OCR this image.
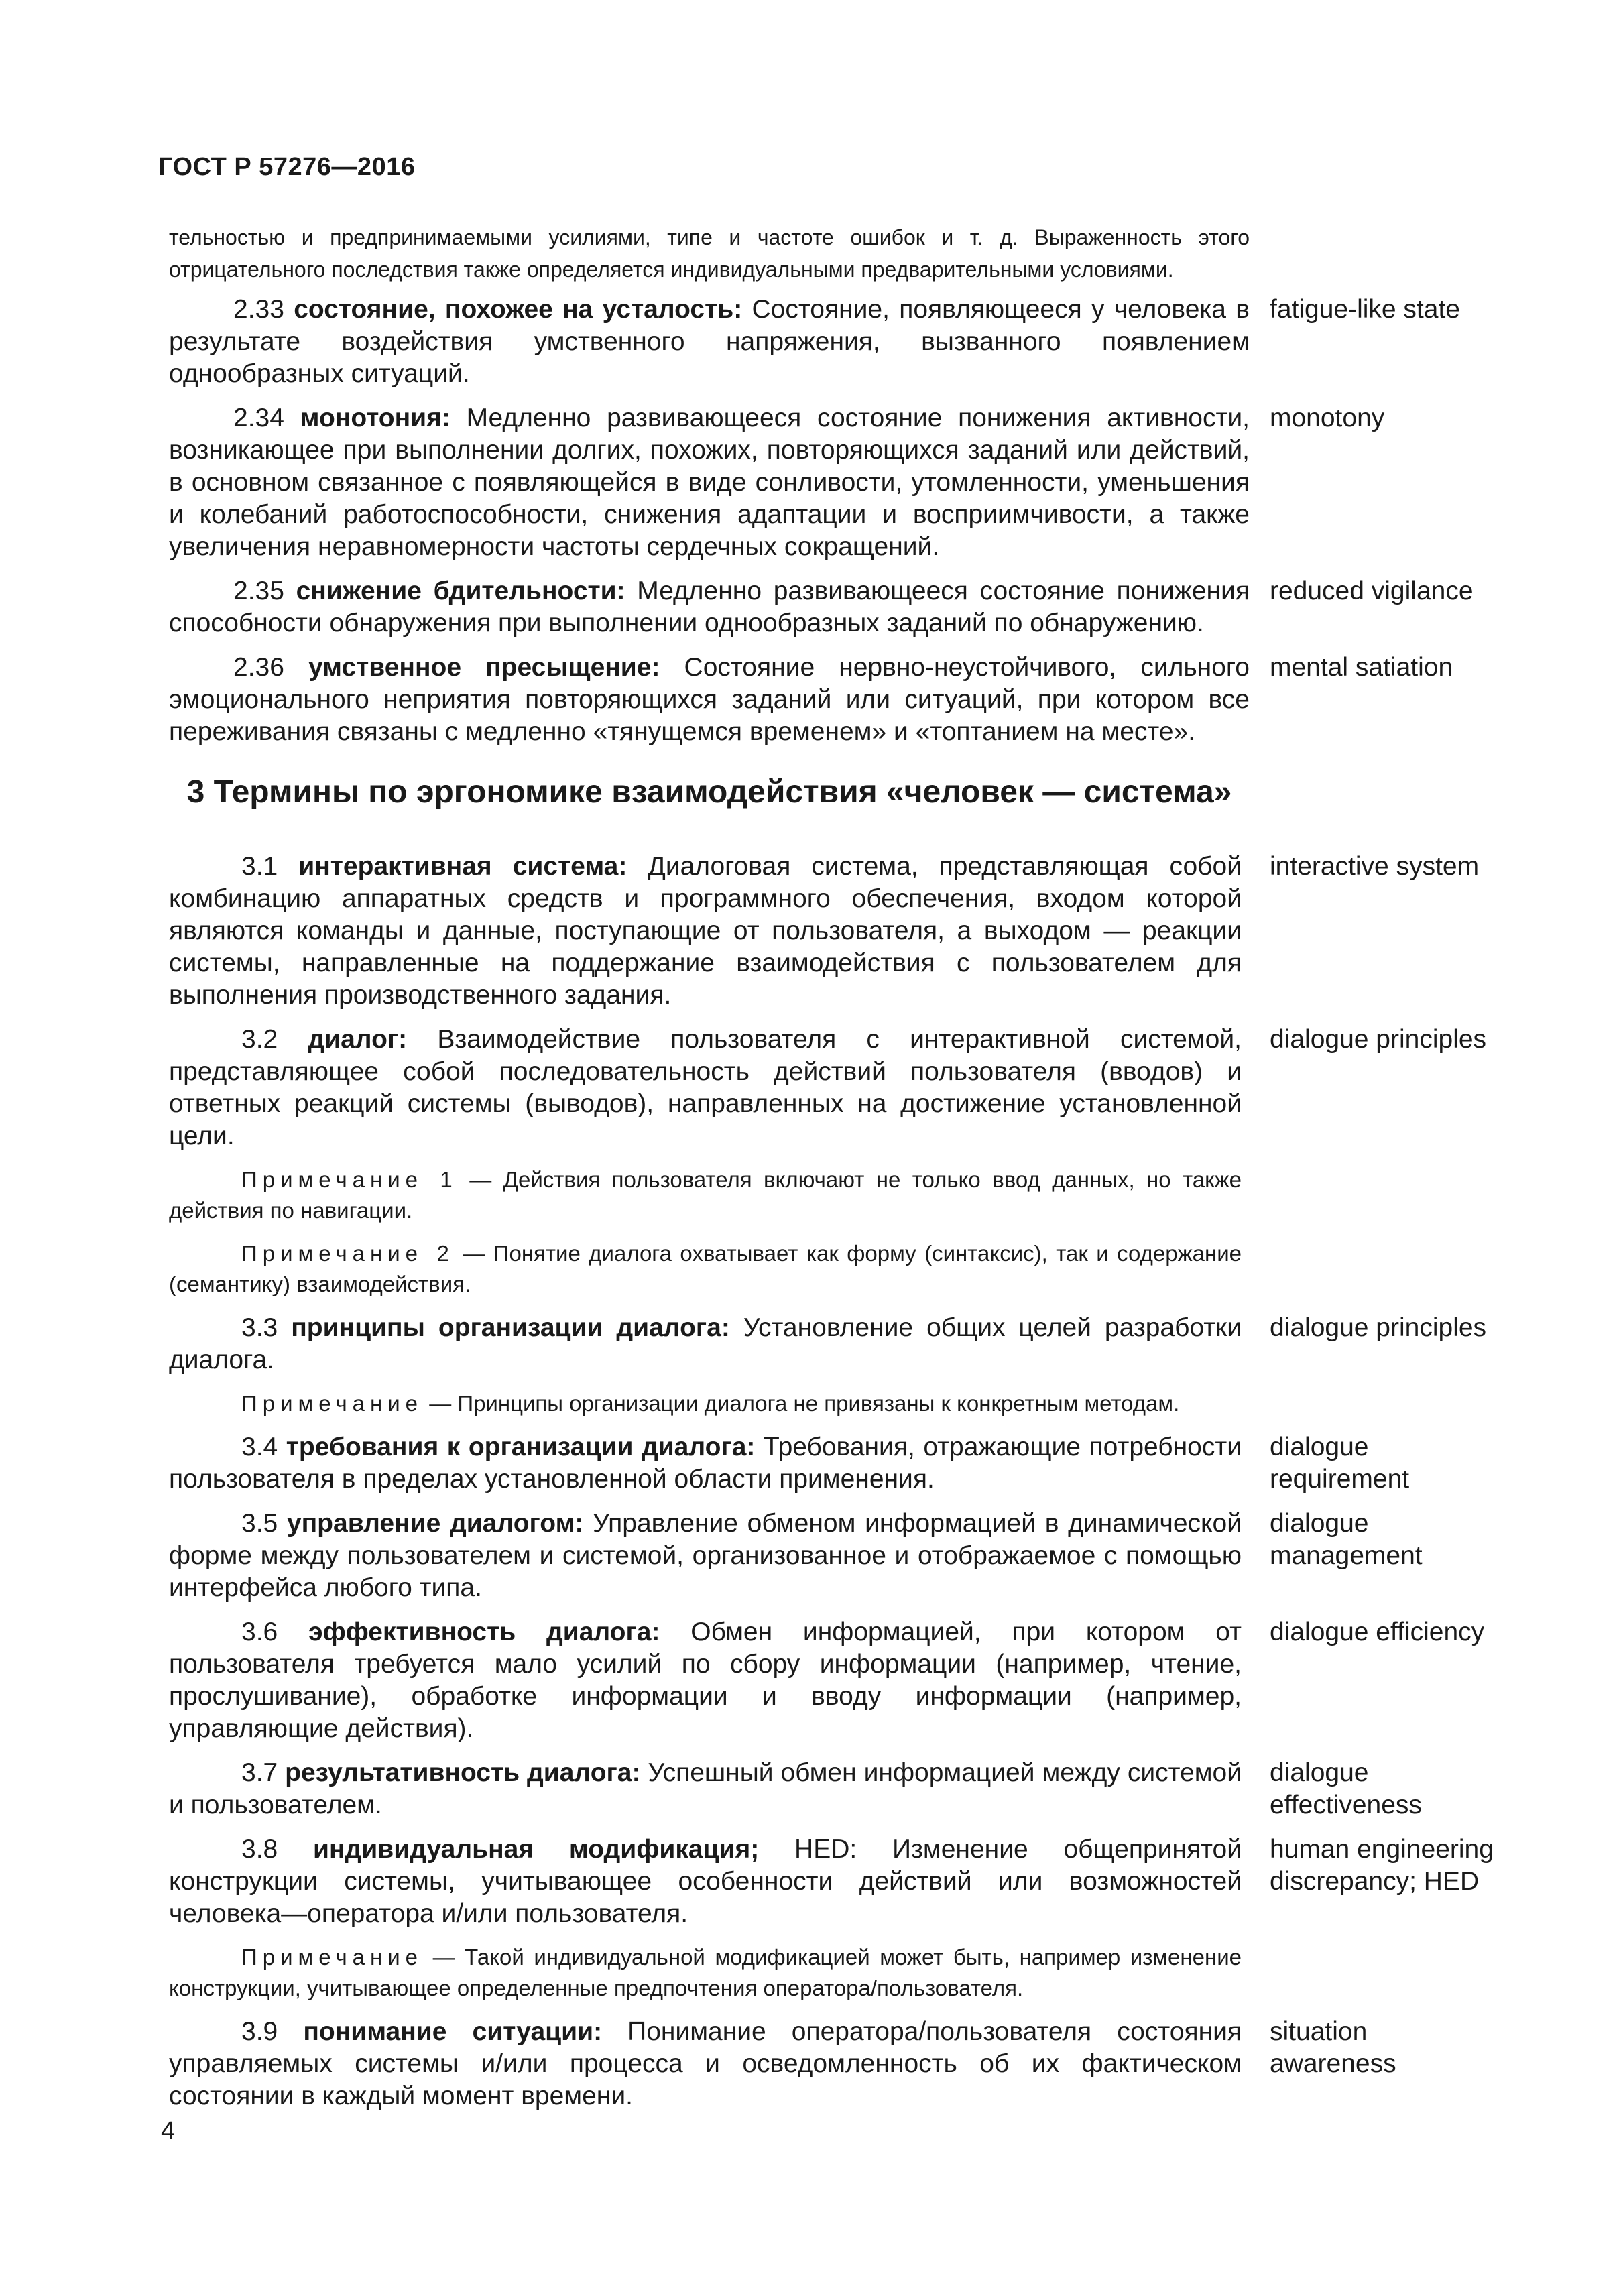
ГОСТ Р 57276—2016
тельностью и предпринимаемыми усилиями, типе и частоте ошибок и т. д. Выраженность этого отрицательного последствия также определяется индивидуальными предварительными условиями.
2.33 состояние, похожее на усталость: Состояние, появляющееся у человека в результате воздействия умственного напряжения, вызванного появлением однообразных ситуаций.
fatigue-like state
2.34 монотония: Медленно развивающееся состояние понижения активности, возникающее при выполнении долгих, похожих, повторяющихся заданий или действий, в основном связанное с появляющейся в виде сонливости, утомленности, уменьшения и колебаний работоспособности, снижения адаптации и восприимчивости, а также увеличения неравномерности частоты сердечных сокращений.
monotony
2.35 снижение бдительности: Медленно развивающееся состояние понижения способности обнаружения при выполнении однообразных заданий по обнаружению.
reduced vigilance
2.36 умственное пресыщение: Состояние нервно-неустойчивого, сильного эмоционального неприятия повторяющихся заданий или ситуаций, при котором все переживания связаны с медленно «тянущемся временем» и «топтанием на месте».
mental satiation
3 Термины по эргономике взаимодействия «человек — система»
3.1 интерактивная система: Диалоговая система, представляющая собой комбинацию аппаратных средств и программного обеспечения, входом которой являются команды и данные, поступающие от пользователя, а выходом — реакции системы, направленные на поддержание взаимодействия с пользователем для выполнения производственного задания.
interactive system
3.2 диалог: Взаимодействие пользователя с интерактивной системой, представляющее собой последовательность действий пользователя (вводов) и ответных реакций системы (выводов), направленных на достижение установленной цели.
dialogue principles
Примечание 1 — Действия пользователя включают не только ввод данных, но также действия по навигации.
Примечание 2 — Понятие диалога охватывает как форму (синтаксис), так и содержание (семантику) взаимодействия.
3.3 принципы организации диалога: Установление общих целей разработки диалога.
dialogue principles
Примечание — Принципы организации диалога не привязаны к конкретным методам.
3.4 требования к организации диалога: Требования, отражающие потребности пользователя в пределах установленной области применения.
dialogue requirement
3.5 управление диалогом: Управление обменом информацией в динамической форме между пользователем и системой, организованное и отображаемое с помощью интерфейса любого типа.
dialogue management
3.6 эффективность диалога: Обмен информацией, при котором от пользователя требуется мало усилий по сбору информации (например, чтение, прослушивание), обработке информации и вводу информации (например, управляющие действия).
dialogue efficiency
3.7 результативность диалога: Успешный обмен информацией между системой и пользователем.
dialogue effectiveness
3.8 индивидуальная модификация; HED: Изменение общепринятой конструкции системы, учитывающее особенности действий или возможностей человека—оператора и/или пользователя.
human engineering discrepancy; HED
Примечание — Такой индивидуальной модификацией может быть, например изменение конструкции, учитывающее определенные предпочтения оператора/пользователя.
3.9 понимание ситуации: Понимание оператора/пользователя состояния управляемых системы и/или процесса и осведомленность об их фактическом состоянии в каждый момент времени.
situation awareness
4
